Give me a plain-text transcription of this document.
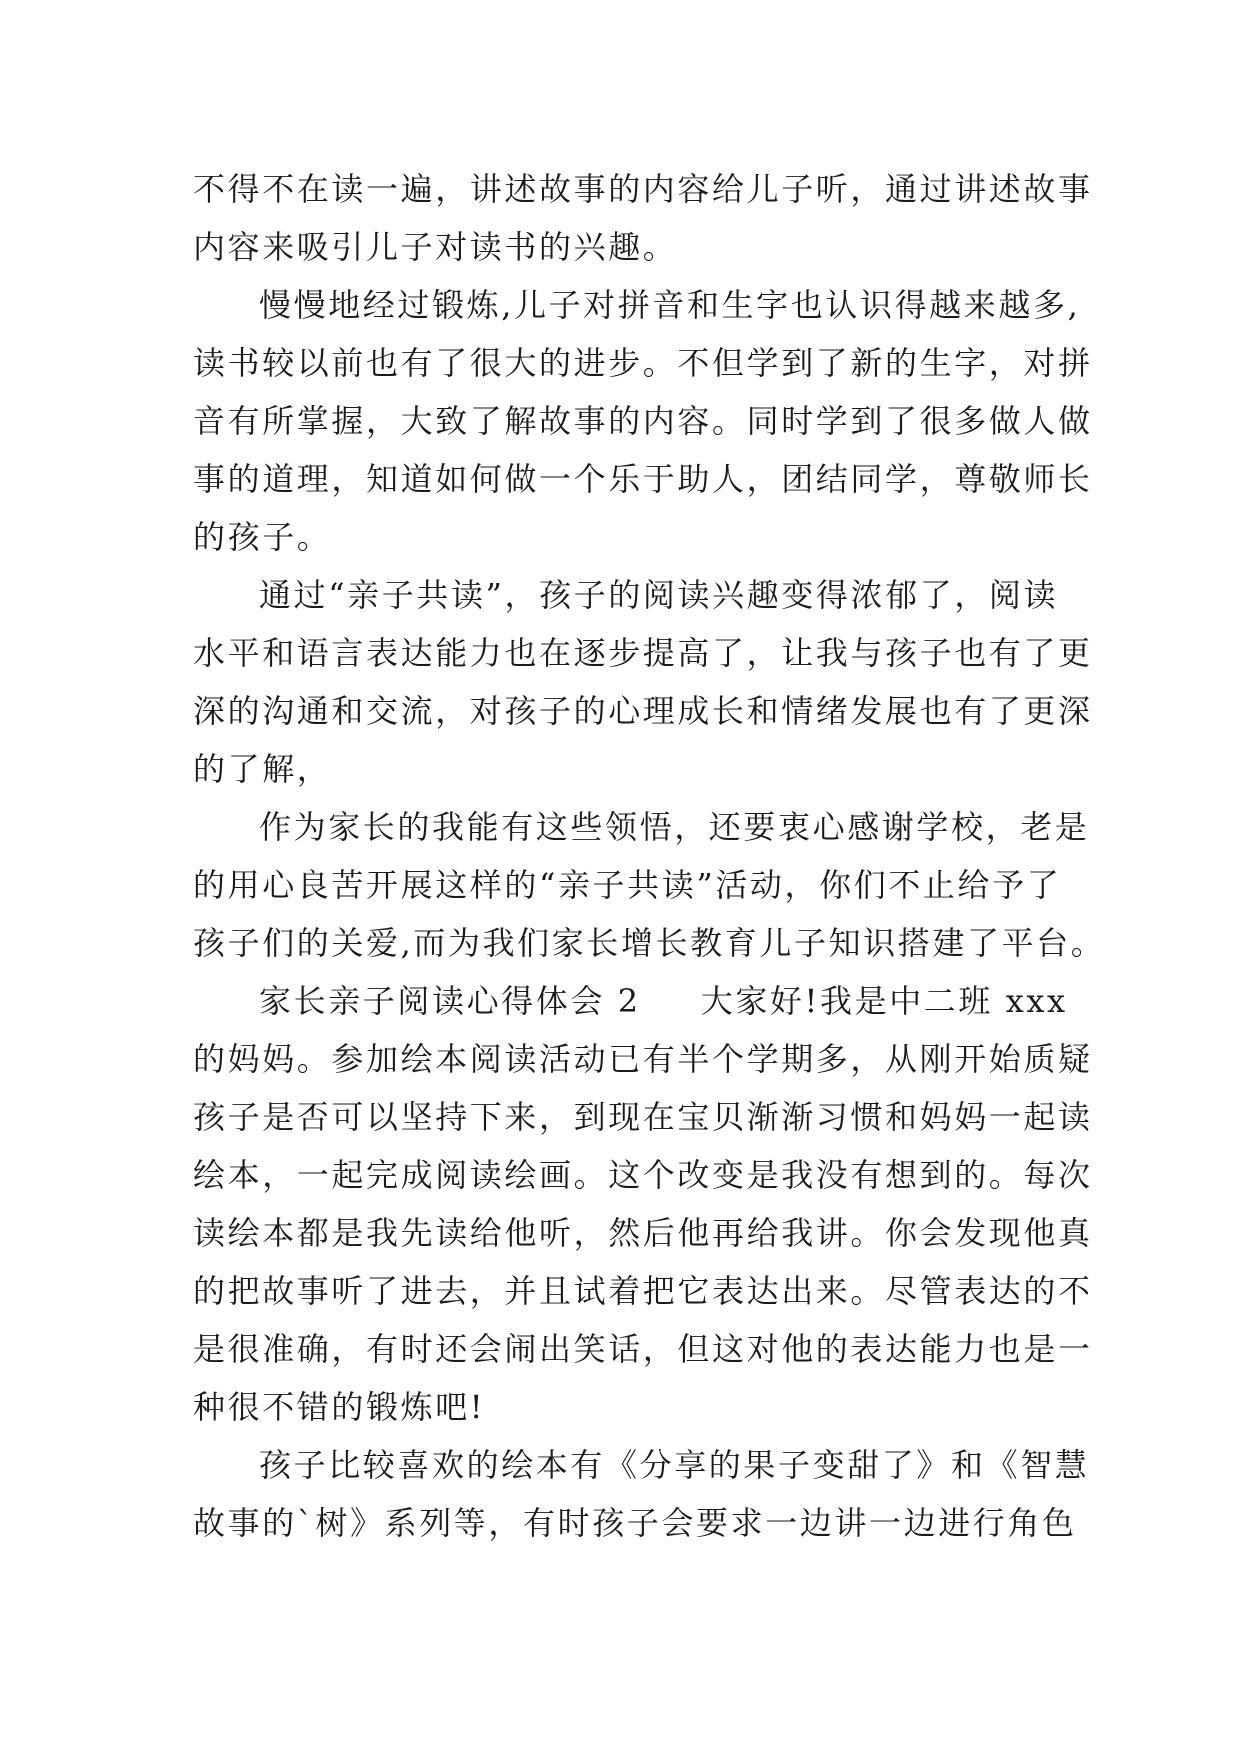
不得不在读一遍，讲述故事的内容给儿子听，通过讲述故事
内容来吸引儿子对读书的兴趣。
慢慢地经过锻炼,儿子对拼音和生字也认识得越来越多,
读书较以前也有了很大的进步。不但学到了新的生字，对拼
音有所掌握，大致了解故事的内容。同时学到了很多做人做
事的道理，知道如何做一个乐于助人，团结同学，尊敬师长
的孩子。
通过“亲子共读”，孩子的阅读兴趣变得浓郁了，阅读
水平和语言表达能力也在逐步提高了，让我与孩子也有了更
深的沟通和交流，对孩子的心理成长和情绪发展也有了更深
的了解，
作为家长的我能有这些领悟，还要衷心感谢学校，老是
的用心良苦开展这样的“亲子共读”活动，你们不止给予了
孩子们的关爱,而为我们家长增长教育儿子知识搭建了平台。
家长亲子阅读心得体会 2 大家好!我是中二班 xxx
的妈妈。参加绘本阅读活动已有半个学期多，从刚开始质疑
孩子是否可以坚持下来，到现在宝贝渐渐习惯和妈妈一起读
绘本，一起完成阅读绘画。这个改变是我没有想到的。每次
读绘本都是我先读给他听，然后他再给我讲。你会发现他真
的把故事听了进去，并且试着把它表达出来。尽管表达的不
是很准确，有时还会闹出笑话，但这对他的表达能力也是一
种很不错的锻炼吧!
孩子比较喜欢的绘本有《分享的果子变甜了》和《智慧
故事的`树》系列等，有时孩子会要求一边讲一边进行角色
